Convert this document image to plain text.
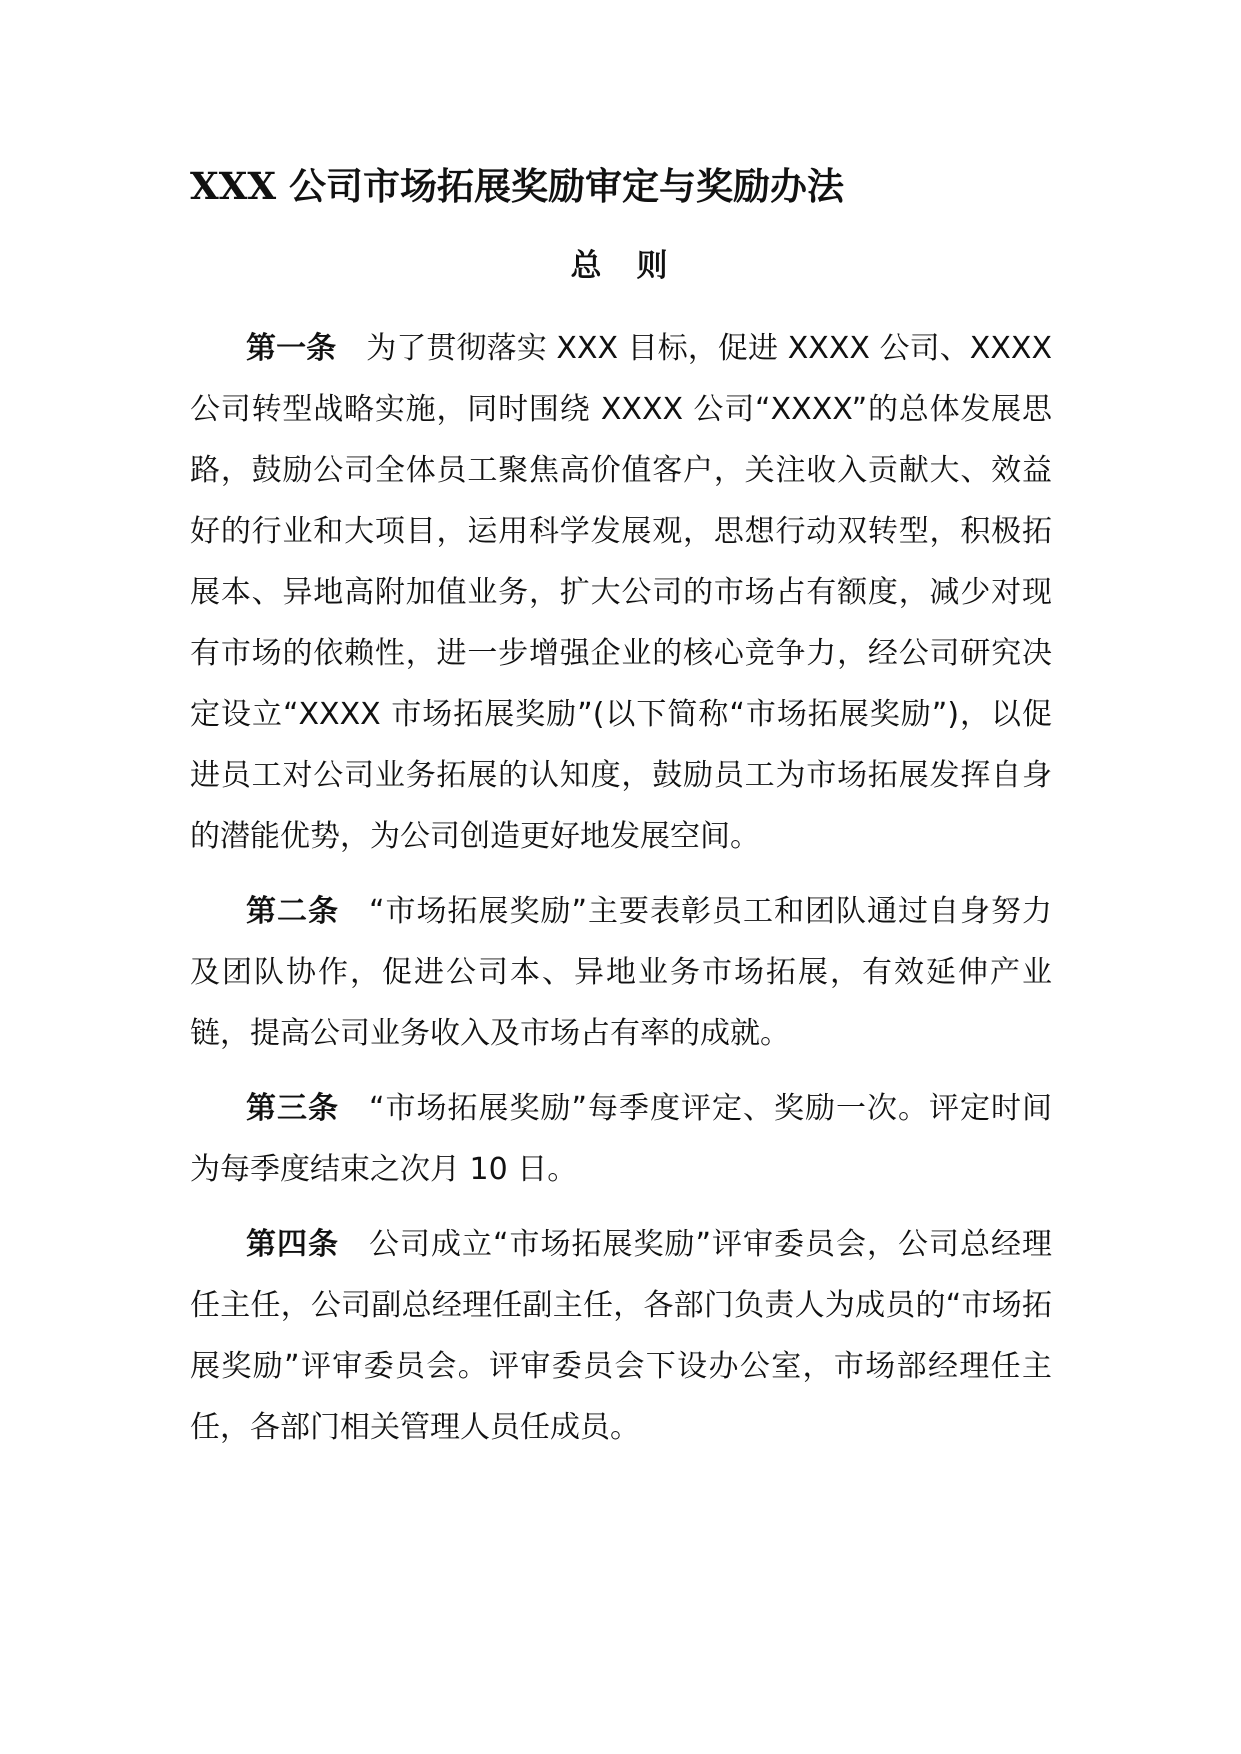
XXX 公司市场拓展奖励审定与奖励办法
总　则

第一条 为了贯彻落实 XXX 目标，促进 XXXX 公司、XXXX 公司转型战略实施，同时围绕 XXXX 公司“XXXX”的总体发展思路，鼓励公司全体员工聚焦高价值客户，关注收入贡献大、效益好的行业和大项目，运用科学发展观，思想行动双转型，积极拓展本、异地高附加值业务，扩大公司的市场占有额度，减少对现有市场的依赖性，进一步增强企业的核心竞争力，经公司研究决定设立“XXXX 市场拓展奖励”(以下简称“市场拓展奖励”)，以促进员工对公司业务拓展的认知度，鼓励员工为市场拓展发挥自身的潜能优势，为公司创造更好地发展空间。

第二条 “市场拓展奖励”主要表彰员工和团队通过自身努力及团队协作，促进公司本、异地业务市场拓展，有效延伸产业链，提高公司业务收入及市场占有率的成就。

第三条 “市场拓展奖励”每季度评定、奖励一次。评定时间为每季度结束之次月 10 日。

第四条 公司成立“市场拓展奖励”评审委员会，公司总经理任主任，公司副总经理任副主任，各部门负责人为成员的“市场拓展奖励”评审委员会。评审委员会下设办公室，市场部经理任主任，各部门相关管理人员任成员。
